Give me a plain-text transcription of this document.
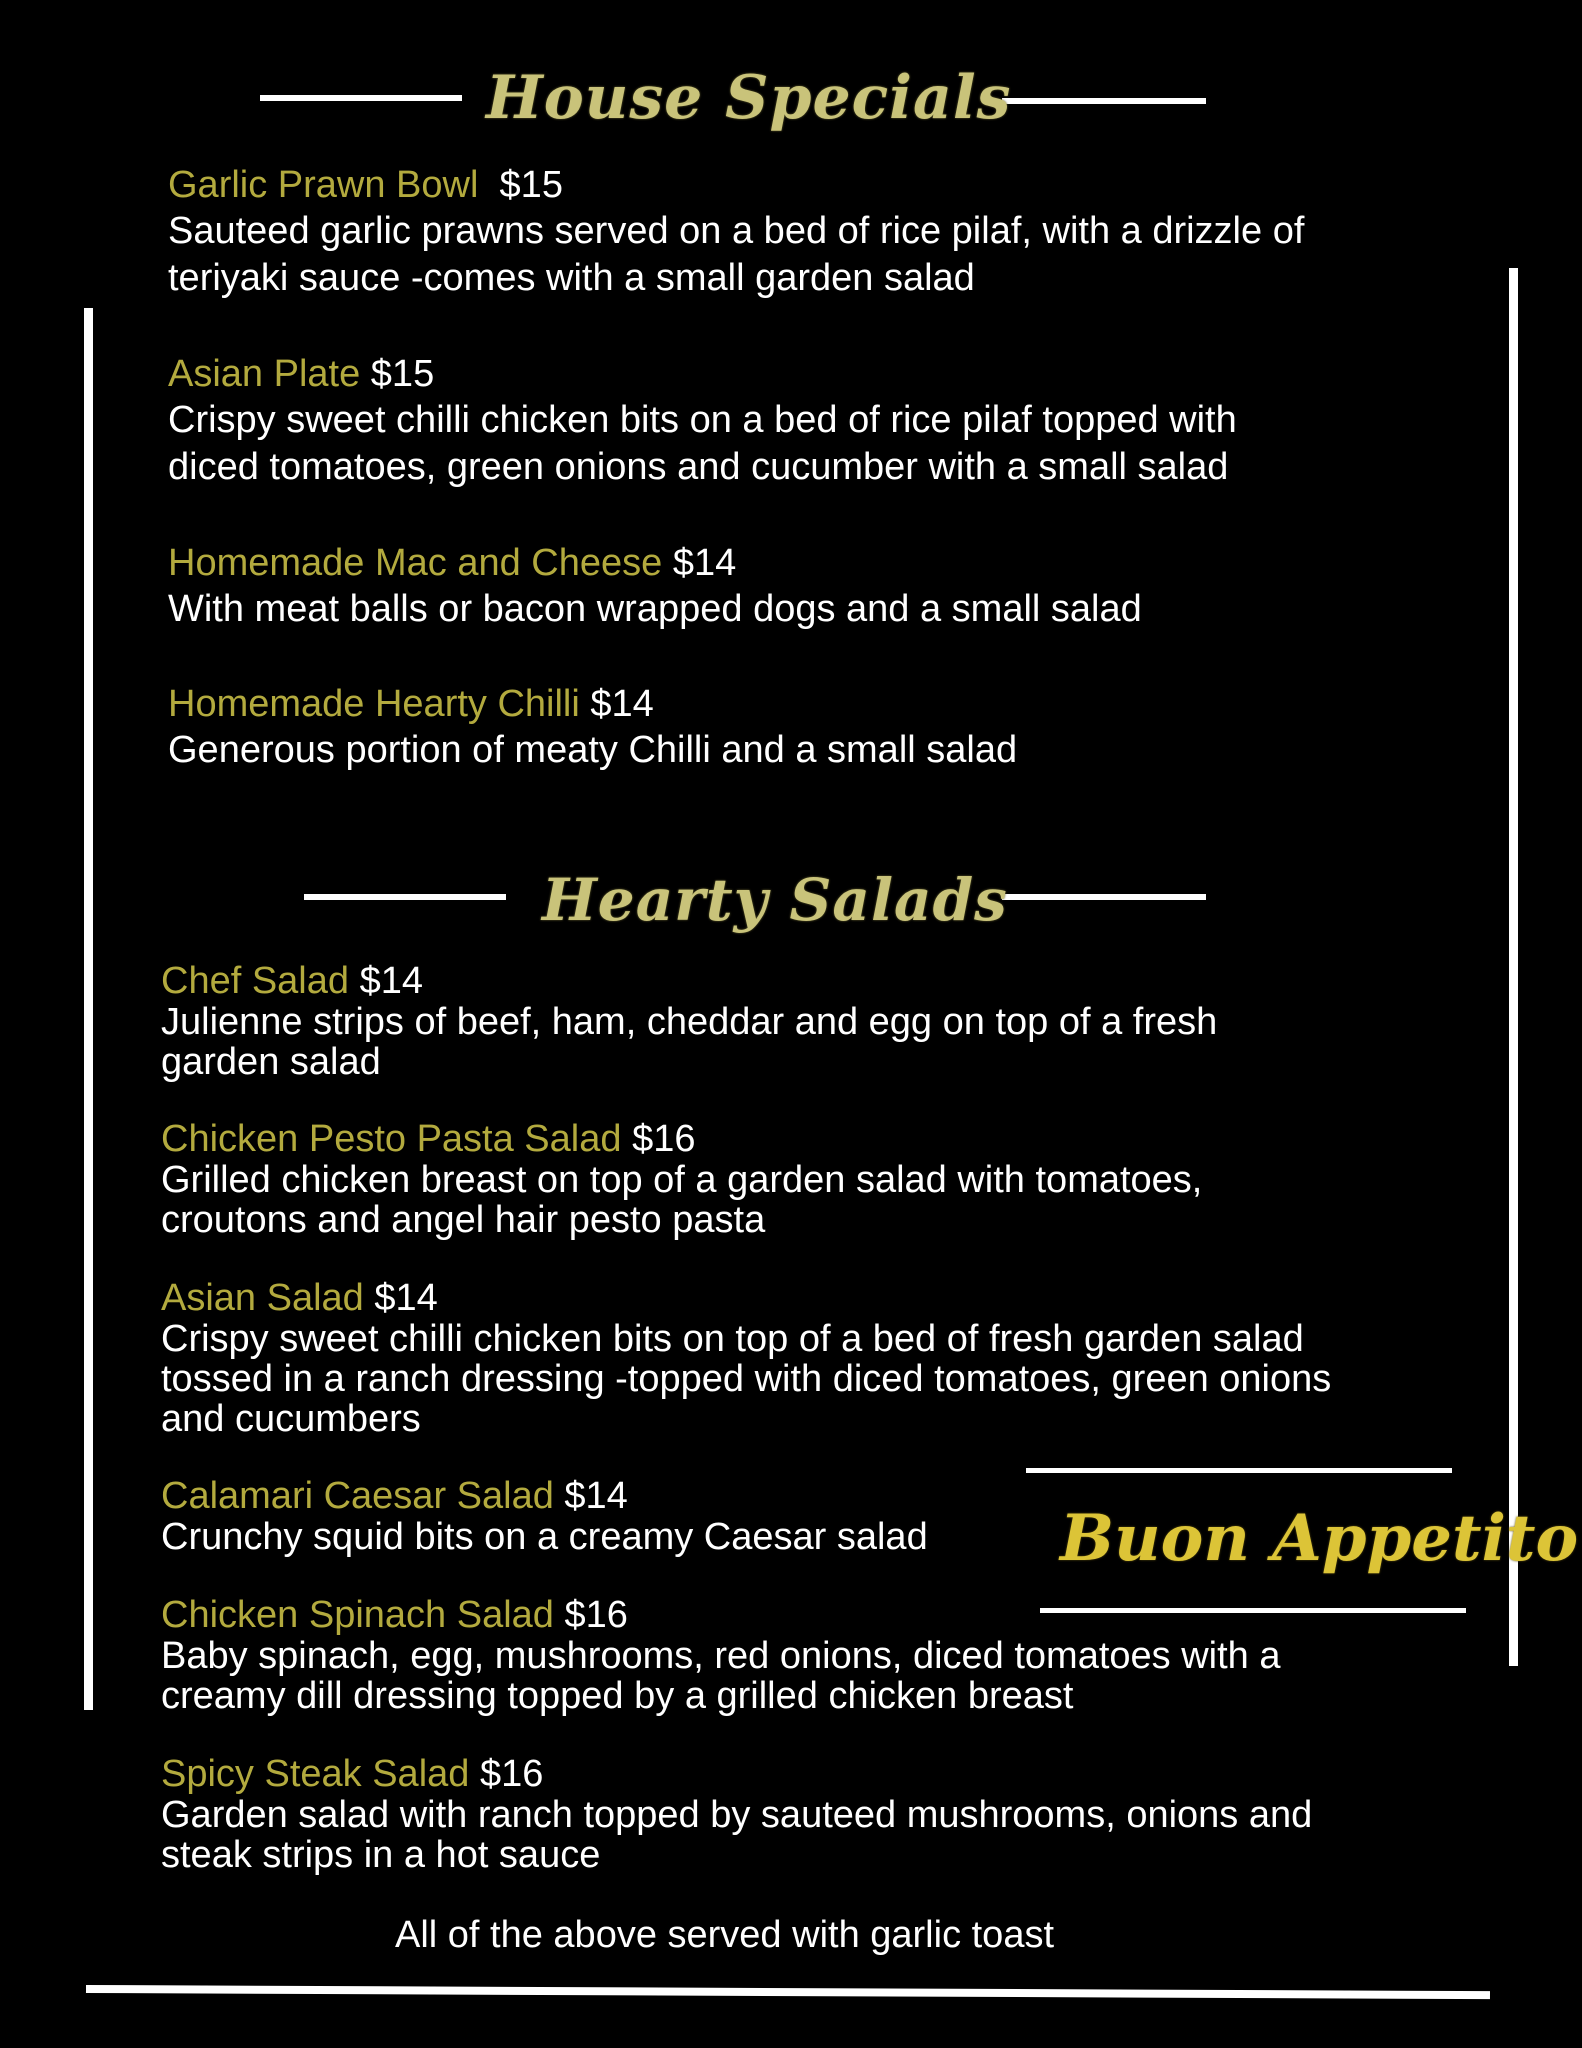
House Specials
Garlic Prawn Bowl $15
Sauteed garlic prawns served on a bed of rice pilaf, with a drizzle of
teriyaki sauce -comes with a small garden salad
Asian Plate $15
Crispy sweet chilli chicken bits on a bed of rice pilaf topped with
diced tomatoes, green onions and cucumber with a small salad
Homemade Mac and Cheese $14
With meat balls or bacon wrapped dogs and a small salad
Homemade Hearty Chilli $14
Generous portion of meaty Chilli and a small salad
Hearty Salads
Chef Salad $14
Julienne strips of beef, ham, cheddar and egg on top of a fresh
garden salad
Chicken Pesto Pasta Salad $16
Grilled chicken breast on top of a garden salad with tomatoes,
croutons and angel hair pesto pasta
Asian Salad $14
Crispy sweet chilli chicken bits on top of a bed of fresh garden salad
tossed in a ranch dressing -topped with diced tomatoes, green onions
and cucumbers
Calamari Caesar Salad $14
Crunchy squid bits on a creamy Caesar salad
Chicken Spinach Salad $16
Baby spinach, egg, mushrooms, red onions, diced tomatoes with a
creamy dill dressing topped by a grilled chicken breast
Spicy Steak Salad $16
Garden salad with ranch topped by sauteed mushrooms, onions and
steak strips in a hot sauce
Buon Appetito
All of the above served with garlic toast
